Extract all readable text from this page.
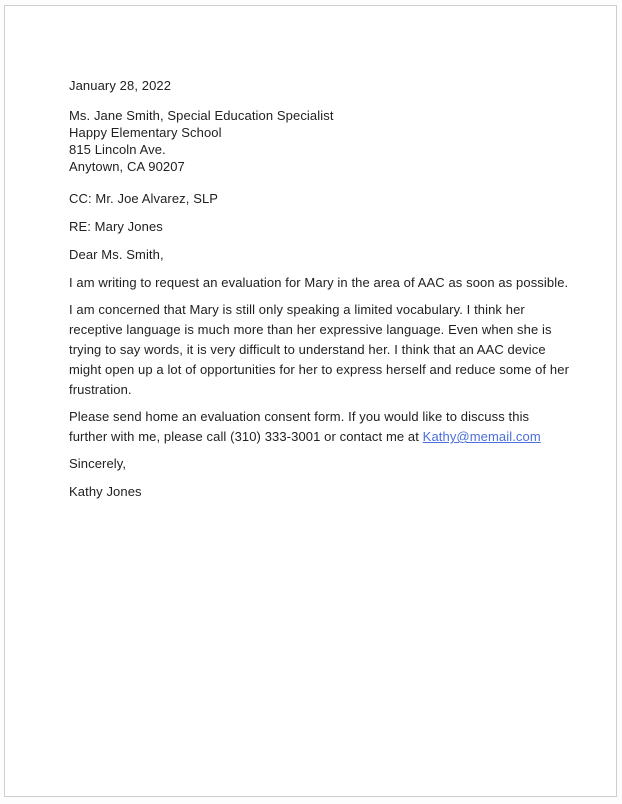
January 28, 2022

Ms. Jane Smith, Special Education Specialist
Happy Elementary School
815 Lincoln Ave.
Anytown, CA 90207

CC: Mr. Joe Alvarez, SLP

RE: Mary Jones

Dear Ms. Smith,

I am writing to request an evaluation for Mary in the area of AAC as soon as possible.

I am concerned that Mary is still only speaking a limited vocabulary. I think her receptive language is much more than her expressive language. Even when she is trying to say words, it is very difficult to understand her. I think that an AAC device might open up a lot of opportunities for her to express herself and reduce some of her frustration.

Please send home an evaluation consent form. If you would like to discuss this further with me, please call (310) 333-3001 or contact me at Kathy@memail.com

Sincerely,

Kathy Jones
